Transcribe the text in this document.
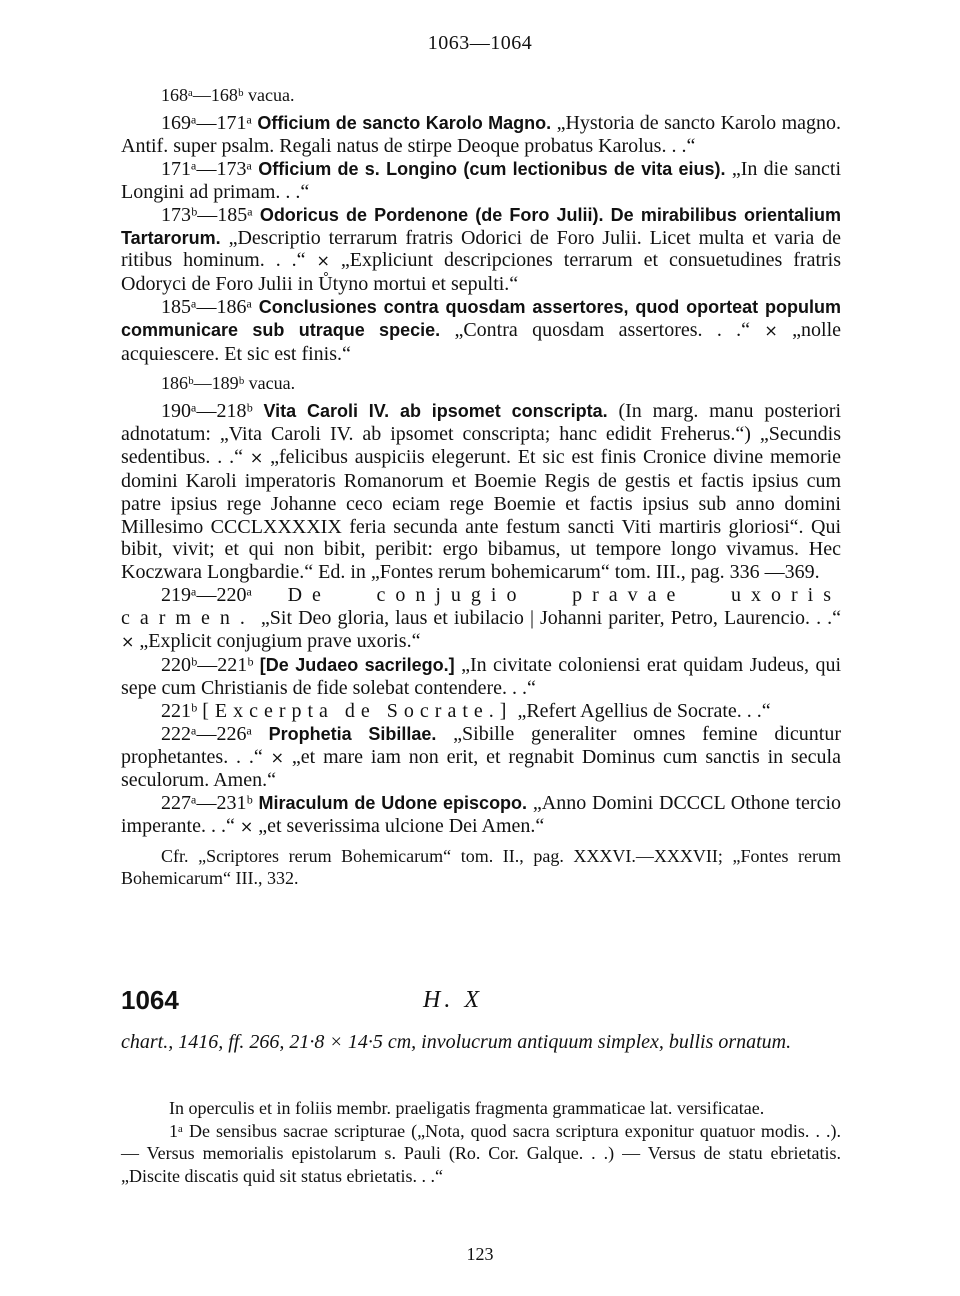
1063—1064

168ᵃ—168ᵇ vacua.

169ᵃ—171ᵃ Officium de sancto Karolo Magno. „Hystoria de sancto Karolo magno. Antif. super psalm. Regali natus de stirpe Deoque probatus Karolus. . .“

171ᵃ—173ᵃ Officium de s. Longino (cum lectionibus de vita eius). „In die sancti Longini ad primam. . .“

173ᵇ—185ᵃ Odoricus de Pordenone (de Foro Julii). De mirabilibus orientalium Tartarorum. „Descriptio terrarum fratris Odorici de Foro Julii. Licet multa et varia de ritibus hominum. . .“ × „Expliciunt descripciones terrarum et consuetudines fratris Odoryci de Foro Julii in Ůtyno mortui et sepulti.“

185ᵃ—186ᵃ Conclusiones contra quosdam assertores, quod oporteat populum communicare sub utraque specie. „Contra quosdam assertores. . .“ × „nolle acquiescere. Et sic est finis.“

186ᵇ—189ᵇ vacua.

190ᵃ—218ᵇ Vita Caroli IV. ab ipsomet conscripta. (In marg. manu posteriori adnotatum: „Vita Caroli IV. ab ipsomet conscripta; hanc edidit Freherus.“) „Secundis sedentibus. . .“ × „felicibus auspiciis elegerunt. Et sic est finis Cronice divine memorie domini Karoli imperatoris Romanorum et Boemie Regis de gestis et factis ipsius cum patre ipsius rege Johanne ceco eciam rege Boemie et factis ipsius sub anno domini Millesimo CCCLXXXXIX feria secunda ante festum sancti Viti martiris gloriosi“. Qui bibit, vivit; et qui non bibit, peribit: ergo bibamus, ut tempore longo vivamus. Hec Koczwara Longbardie.“ Ed. in „Fontes rerum bohemicarum“ tom. III., pag. 336 —369.

219ᵃ—220ᵃ De conjugio pravae uxoris carmen. „Sit Deo gloria, laus et iubilacio | Johanni pariter, Petro, Laurencio. . .“ × „Explicit conjugium prave uxoris.“

220ᵇ—221ᵇ [De Judaeo sacrilego.] „In civitate coloniensi erat quidam Judeus, qui sepe cum Christianis de fide solebat contendere. . .“

221ᵇ [Excerpta de Socrate.] „Refert Agellius de Socrate. . .“

222ᵃ—226ᵃ Prophetia Sibillae. „Sibille generaliter omnes femine dicuntur prophetantes. . .“ × „et mare iam non erit, et regnabit Dominus cum sanctis in secula seculorum. Amen.“

227ᵃ—231ᵇ Miraculum de Udone episcopo. „Anno Domini DCCCL Othone tercio imperante. . .“ × „et severissima ulcione Dei Amen.“

Cfr. „Scriptores rerum Bohemicarum“ tom. II., pag. XXXVI.—XXXVII; „Fontes rerum Bohemicarum“ III., 332.

1064	H. X
chart., 1416, ff. 266, 21·8 × 14·5 cm, involucrum antiquum simplex, bullis ornatum.

In operculis et in foliis membr. praeligatis fragmenta grammaticae lat. versificatae.

1ᵃ De sensibus sacrae scripturae („Nota, quod sacra scriptura exponitur quatuor modis. . .). — Versus memorialis epistolarum s. Pauli (Ro. Cor. Galque. . .) — Versus de statu ebrietatis. „Discite discatis quid sit status ebrietatis. . .“

123
